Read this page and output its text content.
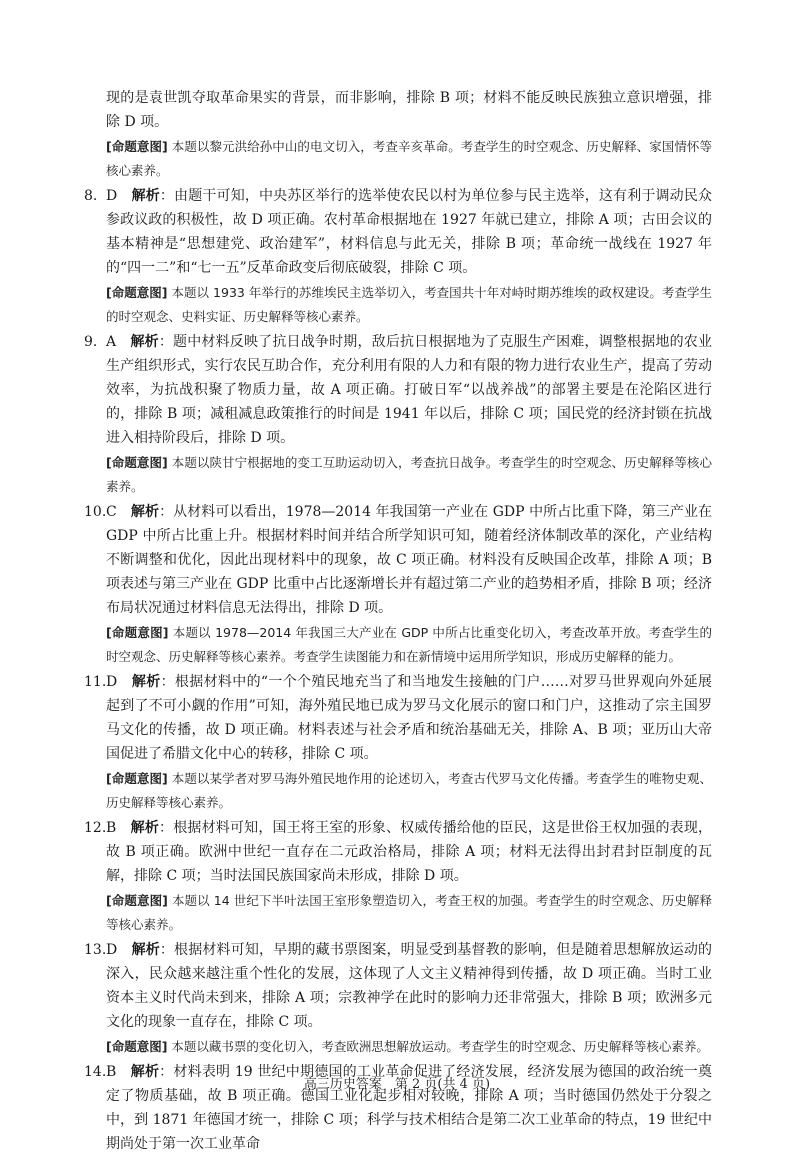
现的是袁世凯夺取革命果实的背景，而非影响，排除 B 项；材料不能反映民族独立意识增强，排除 D 项。

[命题意图] 本题以黎元洪给孙中山的电文切入，考查辛亥革命。考查学生的时空观念、历史解释、家国情怀等核心素养。

8. D　 解析：由题干可知，中央苏区举行的选举使农民以村为单位参与民主选举，这有利于调动民众参政议政的积极性，故 D 项正确。农村革命根据地在 1927 年就已建立，排除 A 项；古田会议的基本精神是“思想建党、政治建军”，材料信息与此无关，排除 B 项；革命统一战线在 1927 年的“四一二”和“七一五”反革命政变后彻底破裂，排除 C 项。

[命题意图] 本题以 1933 年举行的苏维埃民主选举切入，考查国共十年对峙时期苏维埃的政权建设。考查学生的时空观念、史料实证、历史解释等核心素养。

9. A　 解析：题中材料反映了抗日战争时期，敌后抗日根据地为了克服生产困难，调整根据地的农业生产组织形式，实行农民互助合作，充分利用有限的人力和有限的物力进行农业生产，提高了劳动效率，为抗战积聚了物质力量，故 A 项正确。打破日军“以战养战”的部署主要是在沦陷区进行的，排除 B 项；减租减息政策推行的时间是 1941 年以后，排除 C 项；国民党的经济封锁在抗战进入相持阶段后，排除 D 项。

[命题意图] 本题以陕甘宁根据地的变工互助运动切入，考查抗日战争。考查学生的时空观念、历史解释等核心素养。

10. C　 解析：从材料可以看出，1978—2014 年我国第一产业在 GDP 中所占比重下降，第三产业在 GDP 中所占比重上升。根据材料时间并结合所学知识可知，随着经济体制改革的深化，产业结构不断调整和优化，因此出现材料中的现象，故 C 项正确。材料没有反映国企改革，排除 A 项；B 项表述与第三产业在 GDP 比重中占比逐渐增长并有超过第二产业的趋势相矛盾，排除 B 项；经济布局状况通过材料信息无法得出，排除 D 项。

[命题意图] 本题以 1978—2014 年我国三大产业在 GDP 中所占比重变化切入，考查改革开放。考查学生的时空观念、历史解释等核心素养。考查学生读图能力和在新情境中运用所学知识，形成历史解释的能力。

11. D　 解析：根据材料中的“一个个殖民地充当了和当地发生接触的门户……对罗马世界观向外延展起到了不可小觑的作用”可知，海外殖民地已成为罗马文化展示的窗口和门户，这推动了宗主国罗马文化的传播，故 D 项正确。材料表述与社会矛盾和统治基础无关，排除 A、B 项；亚历山大帝国促进了希腊文化中心的转移，排除 C 项。

[命题意图] 本题以某学者对罗马海外殖民地作用的论述切入，考查古代罗马文化传播。考查学生的唯物史观、历史解释等核心素养。

12. B　 解析：根据材料可知，国王将王室的形象、权威传播给他的臣民，这是世俗王权加强的表现，故 B 项正确。欧洲中世纪一直存在二元政治格局，排除 A 项；材料无法得出封君封臣制度的瓦解，排除 C 项；当时法国民族国家尚未形成，排除 D 项。

[命题意图] 本题以 14 世纪下半叶法国王室形象塑造切入，考查王权的加强。考查学生的时空观念、历史解释等核心素养。

13. D　 解析：根据材料可知，早期的藏书票图案，明显受到基督教的影响，但是随着思想解放运动的深入，民众越来越注重个性化的发展，这体现了人文主义精神得到传播，故 D 项正确。当时工业资本主义时代尚未到来，排除 A 项；宗教神学在此时的影响力还非常强大，排除 B 项；欧洲多元文化的现象一直存在，排除 C 项。

[命题意图] 本题以藏书票的变化切入，考查欧洲思想解放运动。考查学生的时空观念、历史解释等核心素养。

14. B　 解析：材料表明 19 世纪中期德国的工业革命促进了经济发展，经济发展为德国的政治统一奠定了物质基础，故 B 项正确。德国工业化起步相对较晚，排除 A 项；当时德国仍然处于分裂之中，到 1871 年德国才统一，排除 C 项；科学与技术相结合是第二次工业革命的特点，19 世纪中期尚处于第一次工业革命

高三历史答案　第 2 页(共 4 页)
